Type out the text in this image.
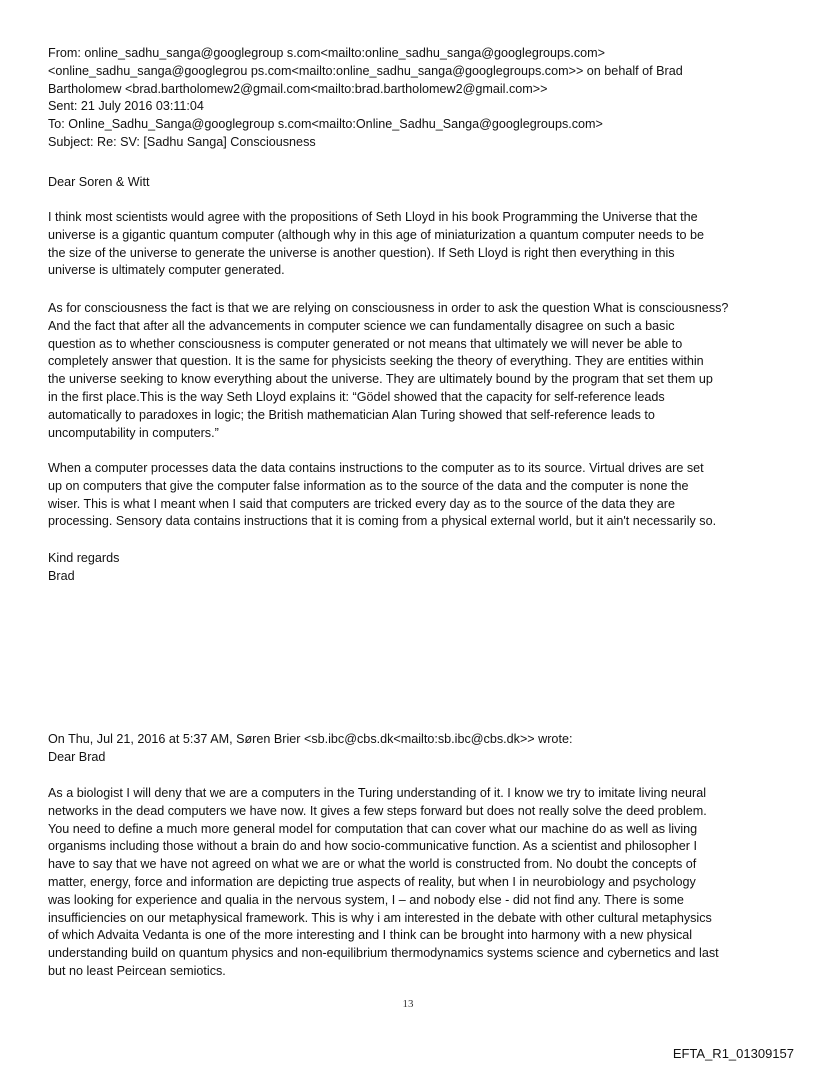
From: online_sadhu_sanga@googlegroup s.com<mailto:online_sadhu_sanga@googlegroups.com>
<online_sadhu_sanga@googlegrou ps.com<mailto:online_sadhu_sanga@googlegroups.com>> on behalf of Brad
Bartholomew <brad.bartholomew2@gmail.com<mailto:brad.bartholomew2@gmail.com>>
Sent: 21 July 2016 03:11:04
To: Online_Sadhu_Sanga@googlegroup s.com<mailto:Online_Sadhu_Sanga@googlegroups.com>
Subject: Re: SV: [Sadhu Sanga] Consciousness
Dear Soren & Witt
I think most scientists would agree with the propositions of Seth Lloyd in his book Programming the Universe that the
universe is a gigantic quantum computer (although why in this age of miniaturization a quantum computer needs to be
the size of the universe to generate the universe is another question). If Seth Lloyd is right then everything in this
universe is ultimately computer generated.
As for consciousness the fact is that we are relying on consciousness in order to ask the question What is consciousness?
And the fact that after all the advancements in computer science we can fundamentally disagree on such a basic
question as to whether consciousness is computer generated or not means that ultimately we will never be able to
completely answer that question. It is the same for physicists seeking the theory of everything. They are entities within
the universe seeking to know everything about the universe. They are ultimately bound by the program that set them up
in the first place.This is the way Seth Lloyd explains it: “Gödel showed that the capacity for self-reference leads
automatically to paradoxes in logic; the British mathematician Alan Turing showed that self-reference leads to
uncomputability in computers.”
When a computer processes data the data contains instructions to the computer as to its source. Virtual drives are set
up on computers that give the computer false information as to the source of the data and the computer is none the
wiser. This is what I meant when I said that computers are tricked every day as to the source of the data they are
processing. Sensory data contains instructions that it is coming from a physical external world, but it ain't necessarily so.
Kind regards
Brad
On Thu, Jul 21, 2016 at 5:37 AM, Søren Brier <sb.ibc@cbs.dk<mailto:sb.ibc@cbs.dk>> wrote:
Dear Brad
As a biologist I will deny that we are a computers in the Turing understanding of it. I know we try to imitate living neural
networks in the dead computers we have now. It gives a few steps forward but does not really solve the deed problem.
You need to define a much more general model for computation that can cover what our machine do as well as living
organisms including those without a brain do and how socio-communicative function. As a scientist and philosopher I
have to say that we have not agreed on what we are or what the world is constructed from. No doubt the concepts of
matter, energy, force and information are depicting true aspects of reality, but when I in neurobiology and psychology
was looking for experience and qualia in the nervous system, I – and nobody else - did not find any. There is some
insufficiencies on our metaphysical framework. This is why i am interested in the debate with other cultural metaphysics
of which Advaita Vedanta is one of the more interesting and I think can be brought into harmony with a new physical
understanding build on quantum physics and non-equilibrium thermodynamics systems science and cybernetics and last
but no least Peircean semiotics.
13
EFTA_R1_01309157
